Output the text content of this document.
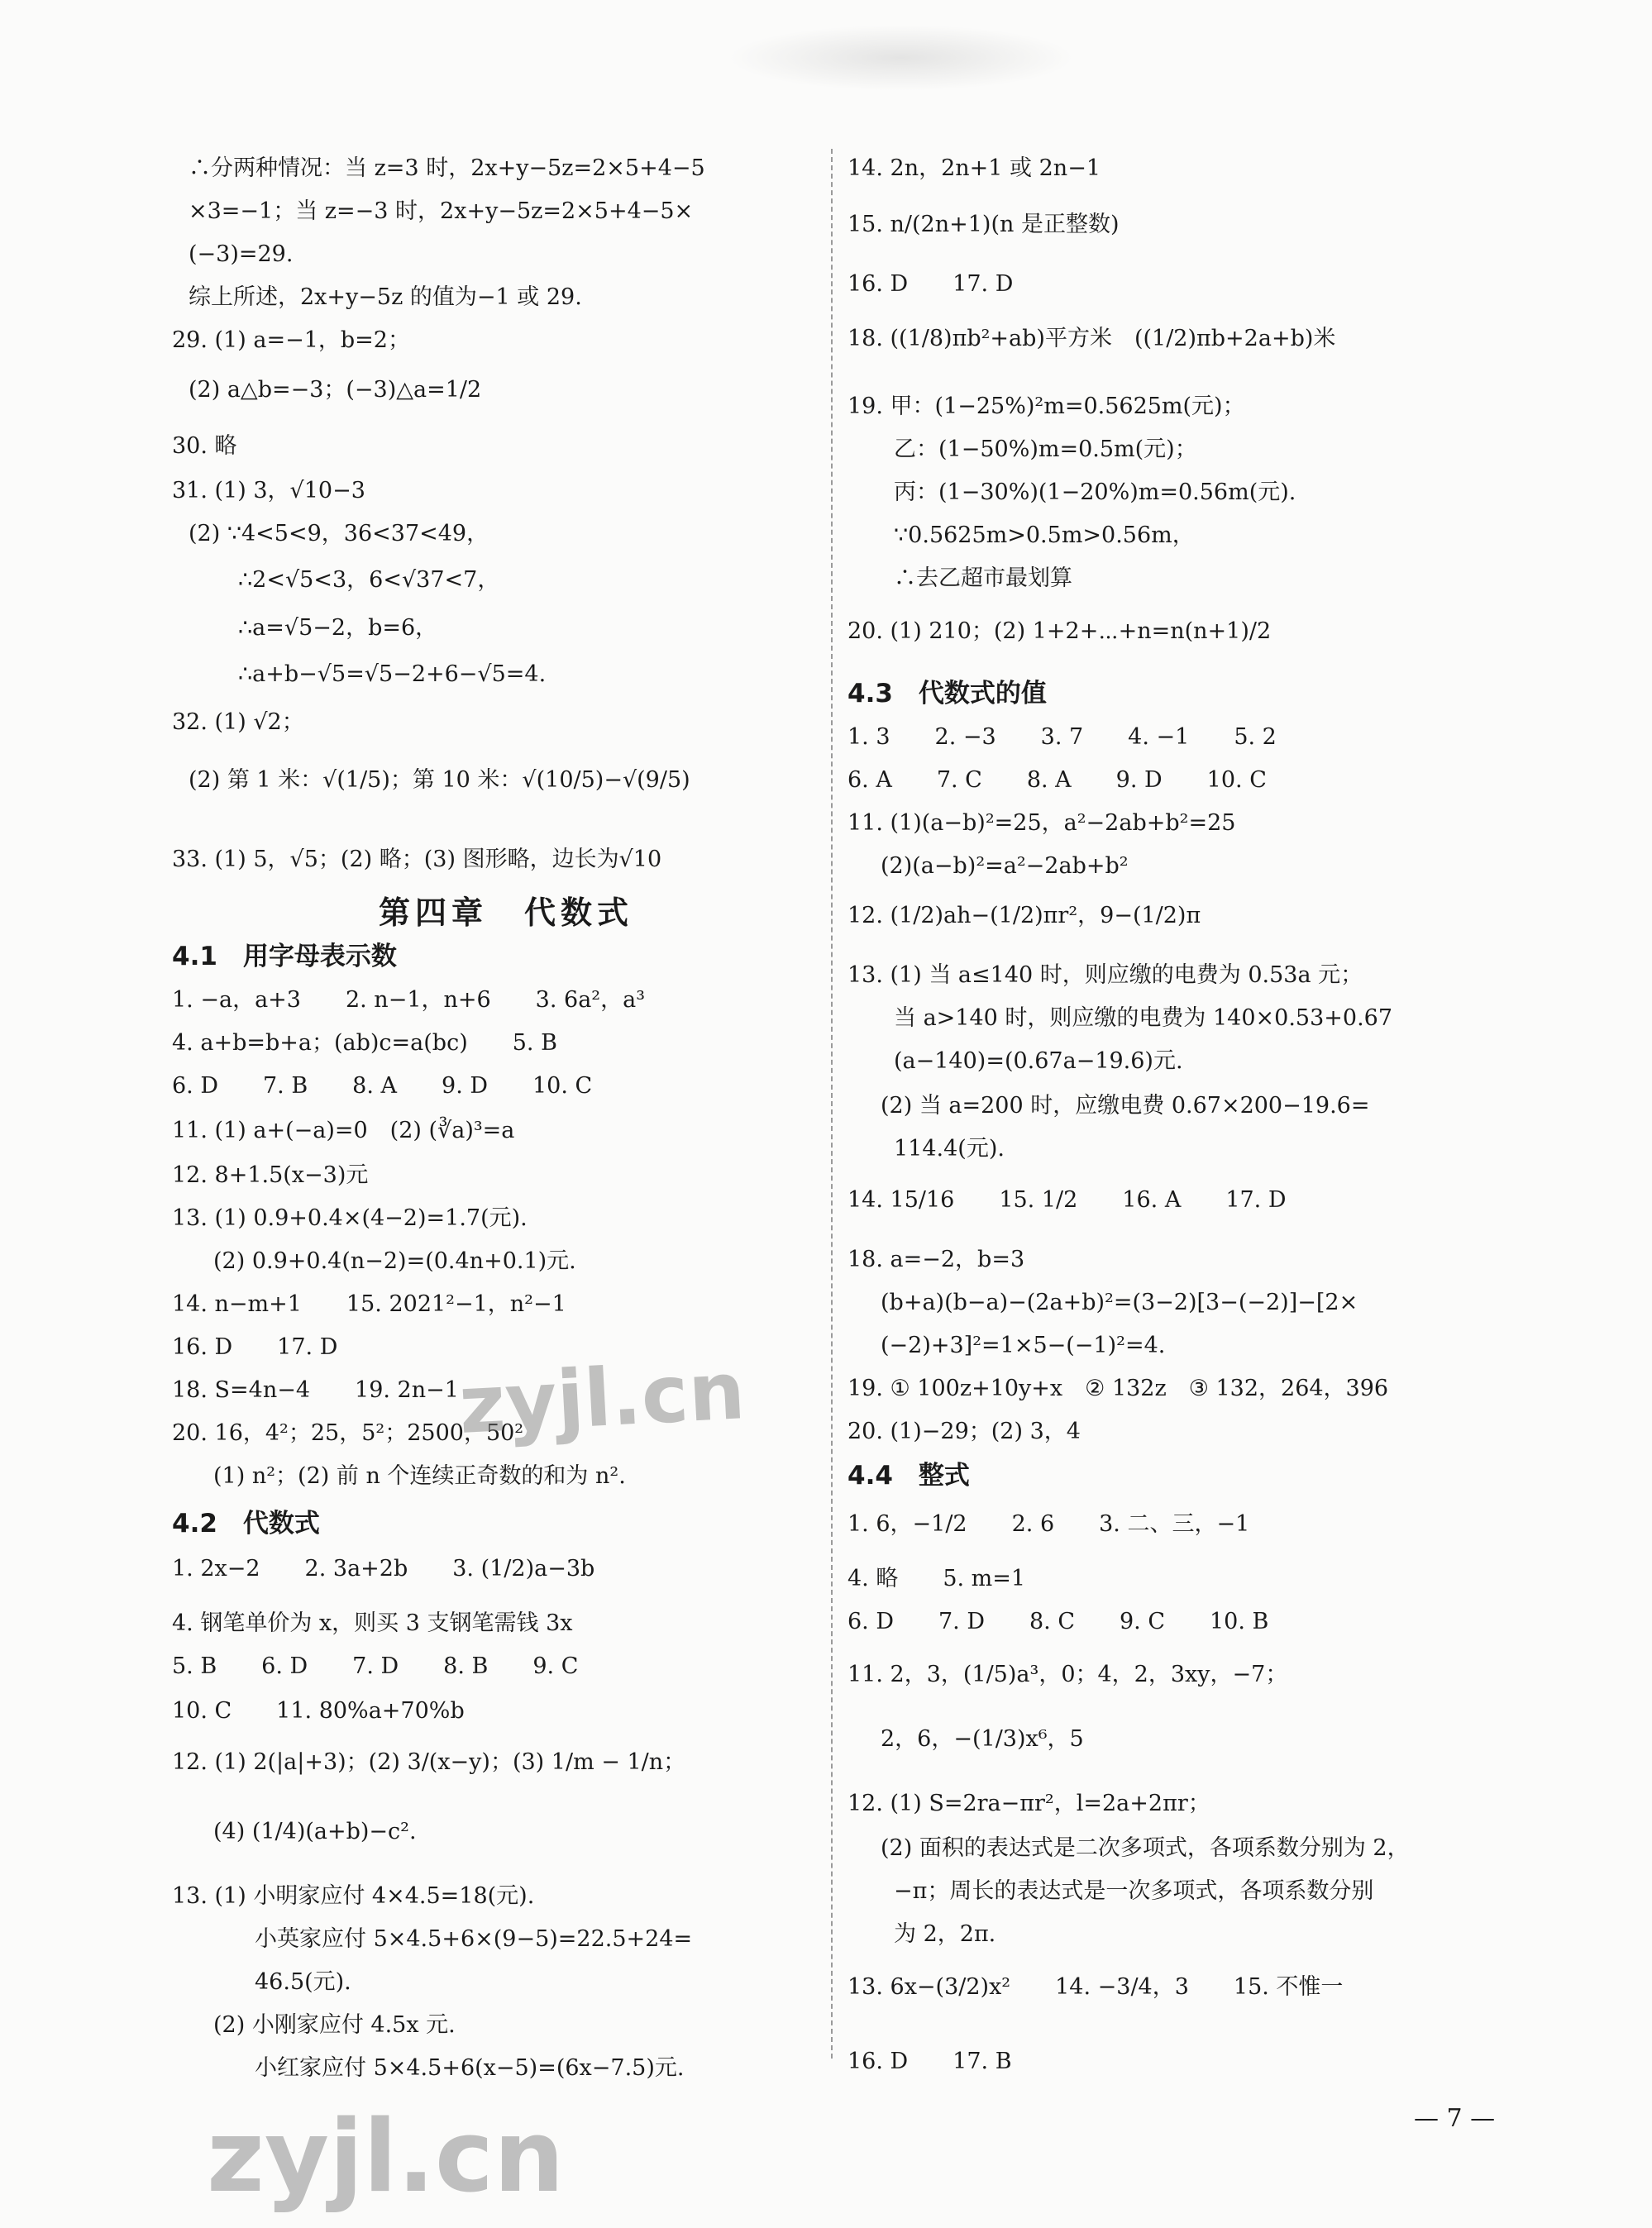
∴分两种情况：当 z=3 时，2x+y−5z=2×5+4−5
×3=−1；当 z=−3 时，2x+y−5z=2×5+4−5×
(−3)=29.
综上所述，2x+y−5z 的值为−1 或 29.
29. (1) a=−1，b=2；
(2) a△b=−3；(−3)△a=1/2
30. 略
31. (1) 3，√10−3
(2) ∵4<5<9，36<37<49，
∴2<√5<3，6<√37<7，
∴a=√5−2，b=6，
∴a+b−√5=√5−2+6−√5=4.
32. (1) √2；
(2) 第 1 米：√(1/5)；第 10 米：√(10/5)−√(9/5)
33. (1) 5，√5；(2) 略；(3) 图形略，边长为√10
第四章　代数式
4.1　用字母表示数
1. −a，a+3　　2. n−1，n+6　　3. 6a²，a³
4. a+b=b+a；(ab)c=a(bc)　　5. B
6. D　　7. B　　8. A　　9. D　　10. C
11. (1) a+(−a)=0　(2) (∛a)³=a
12. 8+1.5(x−3)元
13. (1) 0.9+0.4×(4−2)=1.7(元).
(2) 0.9+0.4(n−2)=(0.4n+0.1)元.
14. n−m+1　　15. 2021²−1，n²−1
16. D　　17. D
18. S=4n−4　　19. 2n−1
20. 16，4²；25，5²；2500，50²
(1) n²；(2) 前 n 个连续正奇数的和为 n².
4.2　代数式
1. 2x−2　　2. 3a+2b　　3. (1/2)a−3b
4. 钢笔单价为 x，则买 3 支钢笔需钱 3x
5. B　　6. D　　7. D　　8. B　　9. C
10. C　　11. 80%a+70%b
12. (1) 2(|a|+3)；(2) 3/(x−y)；(3) 1/m − 1/n；
(4) (1/4)(a+b)−c².
13. (1) 小明家应付 4×4.5=18(元).
小英家应付 5×4.5+6×(9−5)=22.5+24=
46.5(元).
(2) 小刚家应付 4.5x 元.
小红家应付 5×4.5+6(x−5)=(6x−7.5)元.
14. 2n，2n+1 或 2n−1
15. n/(2n+1)(n 是正整数)
16. D　　17. D
18. ((1/8)πb²+ab)平方米　((1/2)πb+2a+b)米
19. 甲：(1−25%)²m=0.5625m(元)；
乙：(1−50%)m=0.5m(元)；
丙：(1−30%)(1−20%)m=0.56m(元).
∵0.5625m>0.5m>0.56m，
∴去乙超市最划算
20. (1) 210；(2) 1+2+⋯+n=n(n+1)/2
4.3　代数式的值
1. 3　　2. −3　　3. 7　　4. −1　　5. 2
6. A　　7. C　　8. A　　9. D　　10. C
11. (1)(a−b)²=25，a²−2ab+b²=25
(2)(a−b)²=a²−2ab+b²
12. (1/2)ah−(1/2)πr²，9−(1/2)π
13. (1) 当 a≤140 时，则应缴的电费为 0.53a 元；
当 a>140 时，则应缴的电费为 140×0.53+0.67
(a−140)=(0.67a−19.6)元.
(2) 当 a=200 时，应缴电费 0.67×200−19.6=
114.4(元).
14. 15/16　　15. 1/2　　16. A　　17. D
18. a=−2，b=3
(b+a)(b−a)−(2a+b)²=(3−2)[3−(−2)]−[2×
(−2)+3]²=1×5−(−1)²=4.
19. ① 100z+10y+x　② 132z　③ 132，264，396
20. (1)−29；(2) 3，4
4.4　整式
1. 6，−1/2　　2. 6　　3. 二、三，−1
4. 略　　5. m=1
6. D　　7. D　　8. C　　9. C　　10. B
11. 2，3，(1/5)a³，0；4，2，3xy，−7；
2，6，−(1/3)x⁶，5
12. (1) S=2ra−πr²，l=2a+2πr；
(2) 面积的表达式是二次多项式，各项系数分别为 2，
−π；周长的表达式是一次多项式，各项系数分别
为 2，2π.
13. 6x−(3/2)x²　　14. −3/4，3　　15. 不惟一
16. D　　17. B
zyjl.cn
zyjl.cn	— 7 —
